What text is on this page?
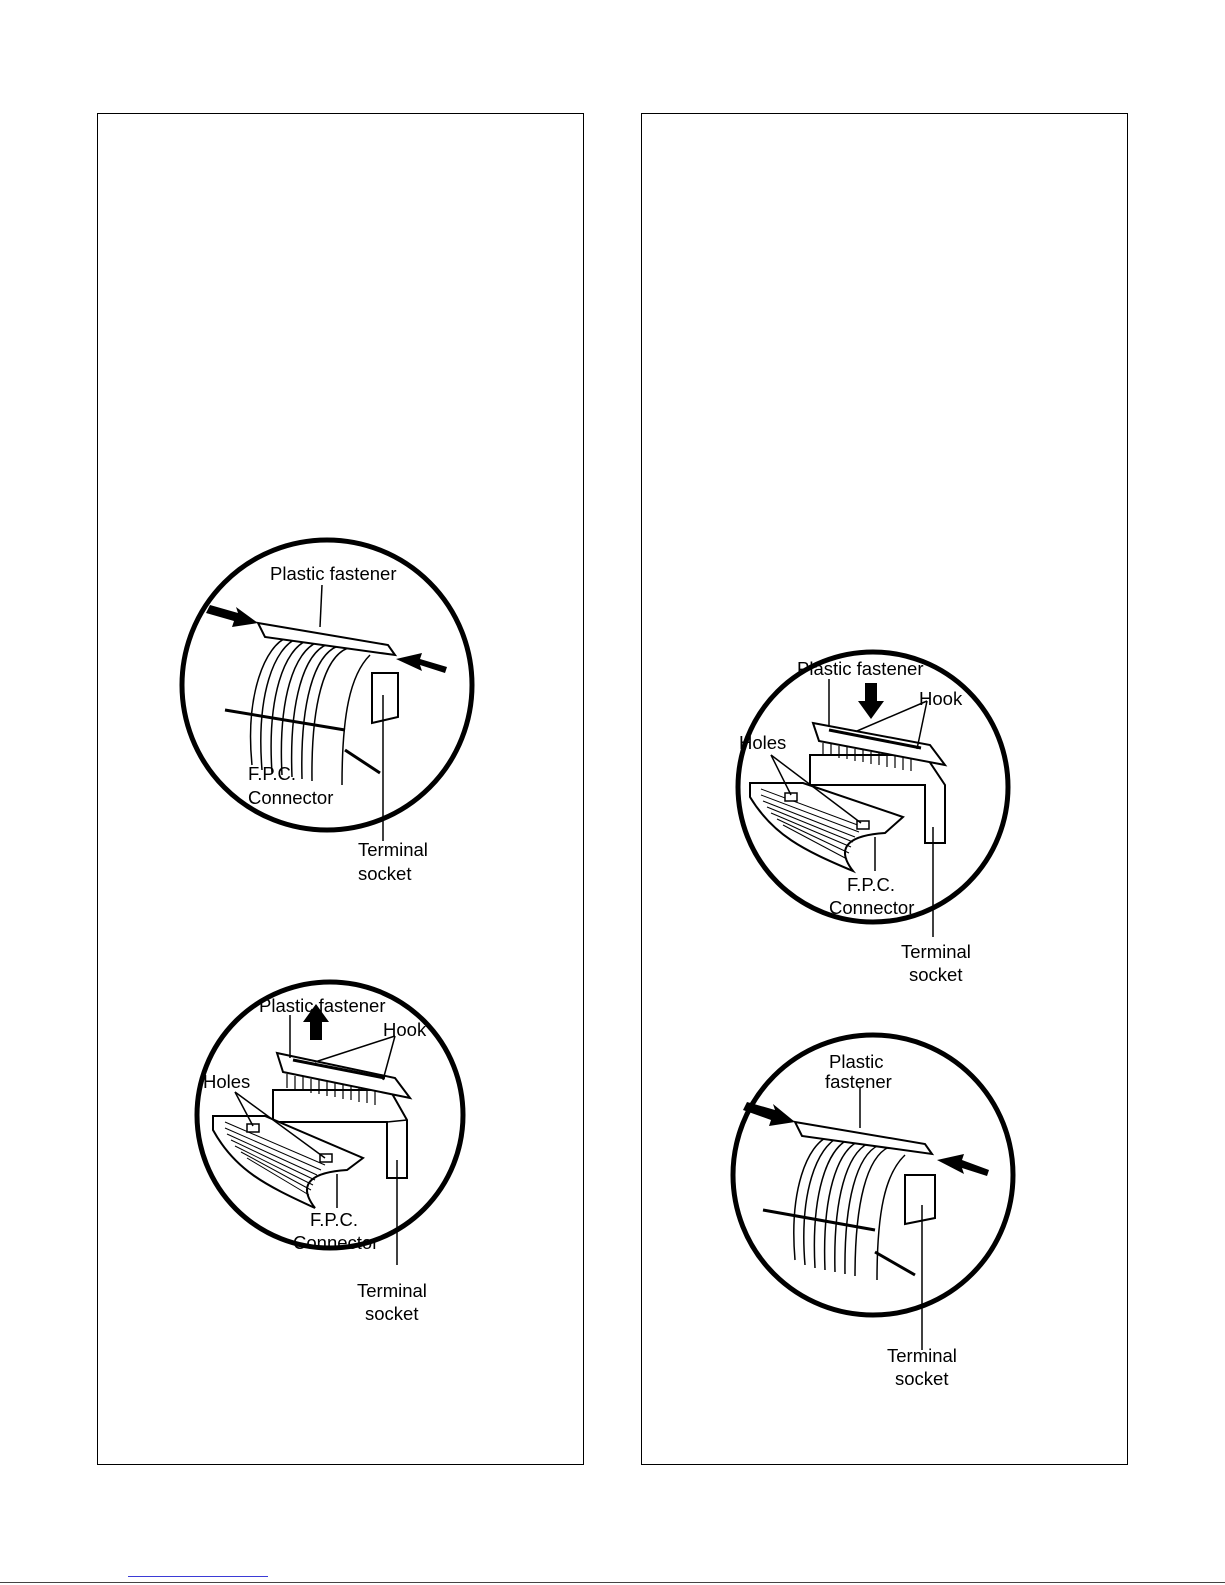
Plastic fastener
F.P.C.
Connector
Terminal
socket
Plastic fastener
Hook
Holes
F.P.C.
Connector
Terminal
socket
Plastic fastener
Hook
Holes
F.P.C.
Connector
Terminal
socket
Plastic
fastener
Terminal
socket
